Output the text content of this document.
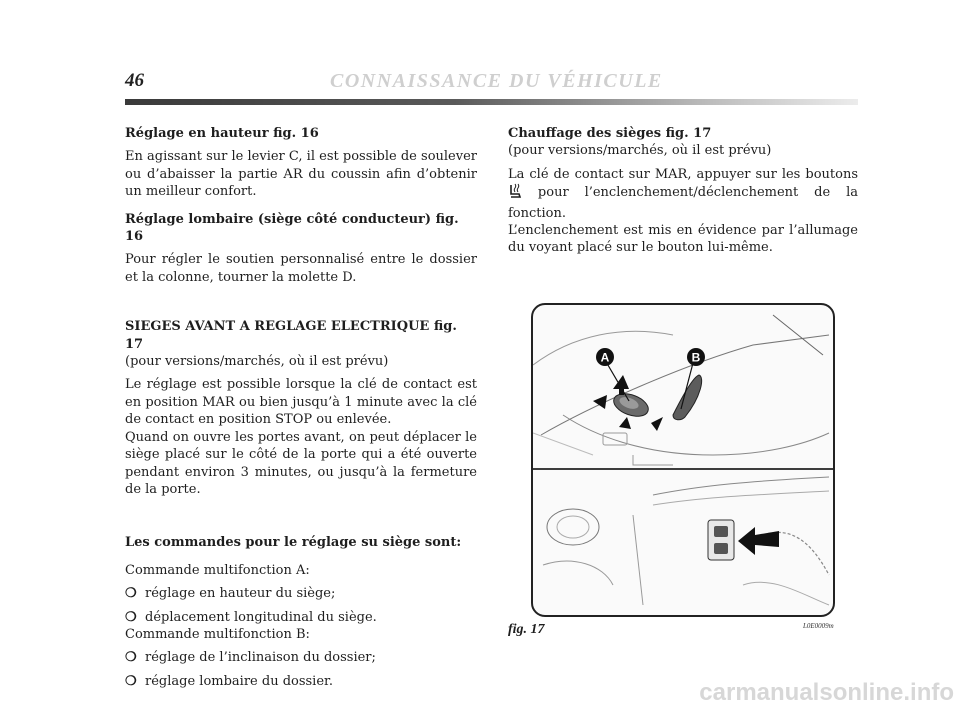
46	CONNAISSANCE DU VÉHICULE
Réglage en hauteur fig. 16

En agissant sur le levier C, il est possible de soulever ou d’abaisser la partie AR du coussin afin d’obtenir un meilleur confort.

Réglage lombaire (siège côté conducteur) fig. 16

Pour régler le soutien personnalisé entre le dossier et la colonne, tourner la molette D.

SIEGES AVANT A REGLAGE ELECTRIQUE fig. 17

(pour versions/marchés, où il est prévu)

Le réglage est possible lorsque la clé de contact est en position MAR ou bien jusqu’à 1 minute avec la clé de contact en position STOP ou enlevée.

Quand on ouvre les portes avant, on peut déplacer le siège placé sur le côté de la porte qui a été ouverte pendant environ 3 minutes, ou jusqu’à la fermeture de la porte.

Les commandes pour le réglage su siège sont:

Commande multifonction A:

❍ réglage en hauteur du siège;
❍ déplacement longitudinal du siège.

Commande multifonction B:

❍ réglage de l’inclinaison du dossier;
❍ réglage lombaire du dossier.
Chauffage des sièges fig. 17

(pour versions/marchés, où il est prévu)

La clé de contact sur MAR, appuyer sur les boutons  pour l’enclenchement/déclenchement de la fonction.

L’enclenchement est mis en évidence par l’allumage du voyant placé sur le bouton lui-même.

A	B
fig. 17	L0E0009m
carmanualsonline.info
